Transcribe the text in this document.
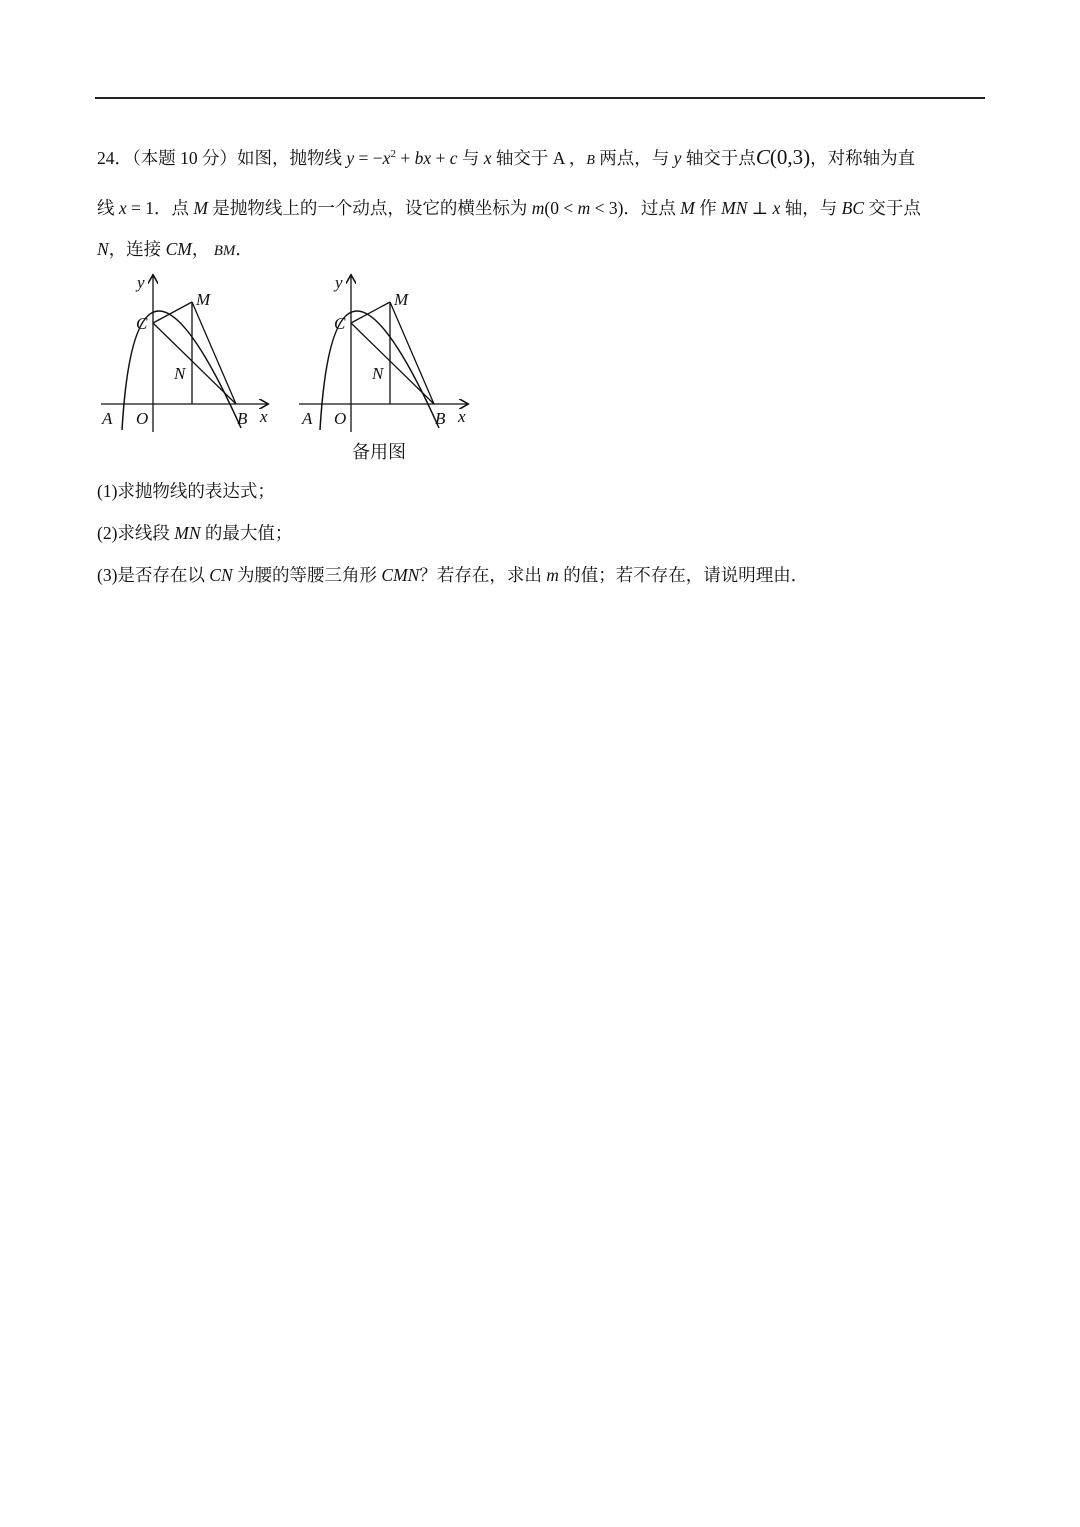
24．（本题 10 分）如图，抛物线 $y = -x^2$ + bx + c 与 x 轴交于 A ，B 两点，与 y 轴交于点C(0,3)，对称轴为直
线 x = 1．点 M 是抛物线上的一个动点，设它的横坐标为 m(0 < m < 3)．过点 M 作 MN ⊥ x 轴，与 BC 交于点
N，连接 CM， BM．
y
x
A O	B
C
M
N
y
x
A O	B
C
M
N
备用图
(1)求抛物线的表达式；
(2)求线段 MN 的最大值；
(3)是否存在以 CN 为腰的等腰三角形 CMN？若存在，求出 m 的值；若不存在，请说明理由．
